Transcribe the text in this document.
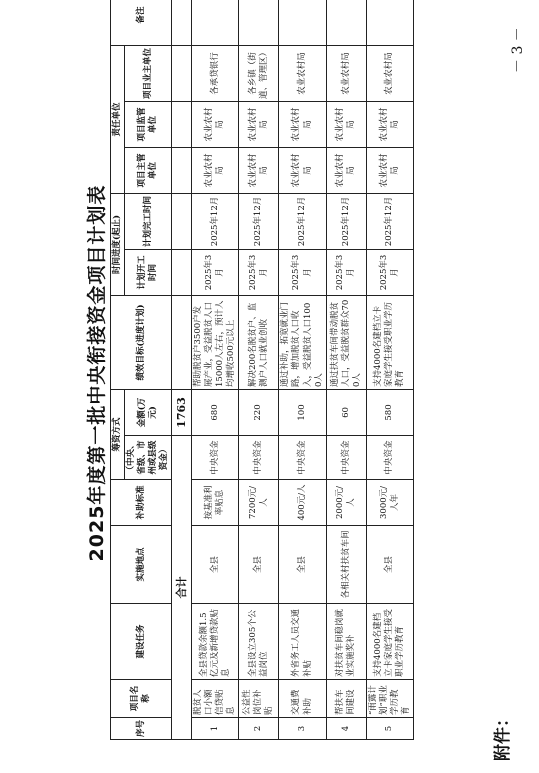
附件：
2025年度第一批中央衔接资金项目计划表
序号	项目名称	建设任务	实施地点	补助标准	筹资方式		绩效目标(进度计划)	时间进度(起止)		责任单位			备注
					（中央、省级、市州或县级资金）	金额(万元)		计划开工时间	计划完工时间	项目主管单位	项目监管单位	项目业主单位	

合计						1763							
1	脱贫人口小额信贷贴息	全县贷款余额1.5亿元及新增贷款贴息	全县	按基准利率贴息	中央资金	680	帮助脱贫户3500户发展产业，受益脱贫人口15000人左右，预计人均增收500元以上	2025年3月	2025年12月	农业农村局	农业农村局	各承贷银行	
2	公益性岗位补贴	全县设立305个公益岗位	全县	7200元/人	中央资金	220	解决200名脱贫户、监测户人口就业创收	2025年3月	2025年12月	农业农村局	农业农村局	各乡镇（街道、管理区）	
3	交通费补助	外省务工人员交通补贴	全县	400元/人	中央资金	100	通过补助，拓宽就业门路，增加脱贫人口收入，受益脱贫人口1000人	2025年3月	2025年12月	农业农村局	农业农村局	农业农村局	
4	帮扶车间建设	对扶贫车间稳岗就业实施奖补	各相关村扶贫车间	2000元/人	中央资金	60	通过扶贫车间带动脱贫人口，受益脱贫群众700人	2025年3月	2025年12月	农业农村局	农业农村局	农业农村局	
5	“雨露计划”职业学历教育	支持4000名建档立卡家庭学生接受职业学历教育	全县	3000元/人年	中央资金	580	支持4000名建档立卡家庭学生接受职业学历教育	2025年3月	2025年12月	农业农村局	农业农村局	农业农村局	
－ 3 －
